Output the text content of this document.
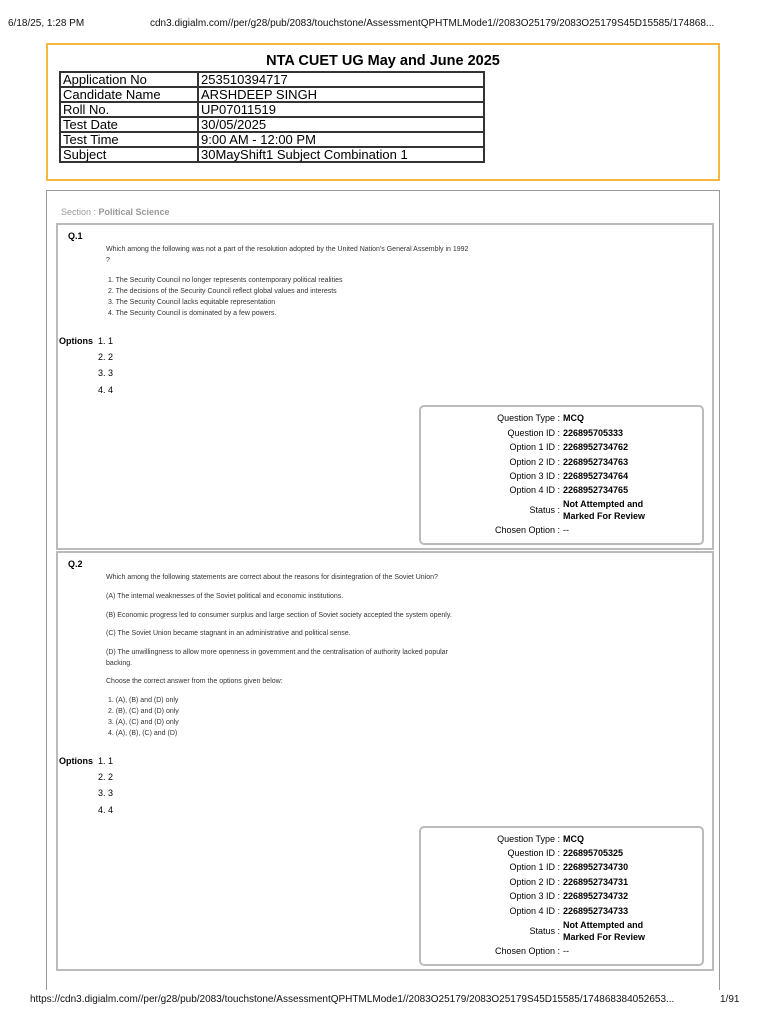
6/18/25, 1:28 PM	cdn3.digialm.com//per/g28/pub/2083/touchstone/AssessmentQPHTMLMode1//2083O25179/2083O25179S45D15585/174868...
NTA CUET UG May and June 2025
Application No	253510394717
Candidate Name	ARSHDEEP SINGH
Roll No.	UP07011519
Test Date	30/05/2025
Test Time	9:00 AM - 12:00 PM
Subject	30MayShift1 Subject Combination 1
Section : Political Science
Q.1
Which among the following was not a part of the resolution adopted by the United Nation's General Assembly in 1992
?
1. The Security Council no longer represents contemporary political realities
2. The decisions of the Security Council reflect global values and interests
3. The Security Council lacks equitable representation
4. The Security Council is dominated by a few powers.
Options 1. 1
2. 2
3. 3
4. 4
Question Type : MCQ
Question ID : 226895705333
Option 1 ID : 2268952734762
Option 2 ID : 2268952734763
Option 3 ID : 2268952734764
Option 4 ID : 2268952734765
Status :
Not Attempted and
Marked For Review
Chosen Option : --
Q.2
Which among the following statements are correct about the reasons for disintegration of the Soviet Union?
(A) The internal weaknesses of the Soviet political and economic institutions.
(B) Economic progress led to consumer surplus and large section of Soviet society accepted the system openly.
(C) The Soviet Union became stagnant in an administrative and political sense.
(D) The unwillingness to allow more openness in government and the centralisation of authority lacked popular
backing.
Choose the correct answer from the options given below:
1. (A), (B) and (D) only
2. (B), (C) and (D) only
3. (A), (C) and (D) only
4. (A), (B), (C) and (D)
Options 1. 1
2. 2
3. 3
4. 4
Question Type : MCQ
Question ID : 226895705325
Option 1 ID : 2268952734730
Option 2 ID : 2268952734731
Option 3 ID : 2268952734732
Option 4 ID : 2268952734733
Status :
Not Attempted and
Marked For Review
Chosen Option : --
https://cdn3.digialm.com//per/g28/pub/2083/touchstone/AssessmentQPHTMLMode1//2083O25179/2083O25179S45D15585/174868384052653...	1/91
